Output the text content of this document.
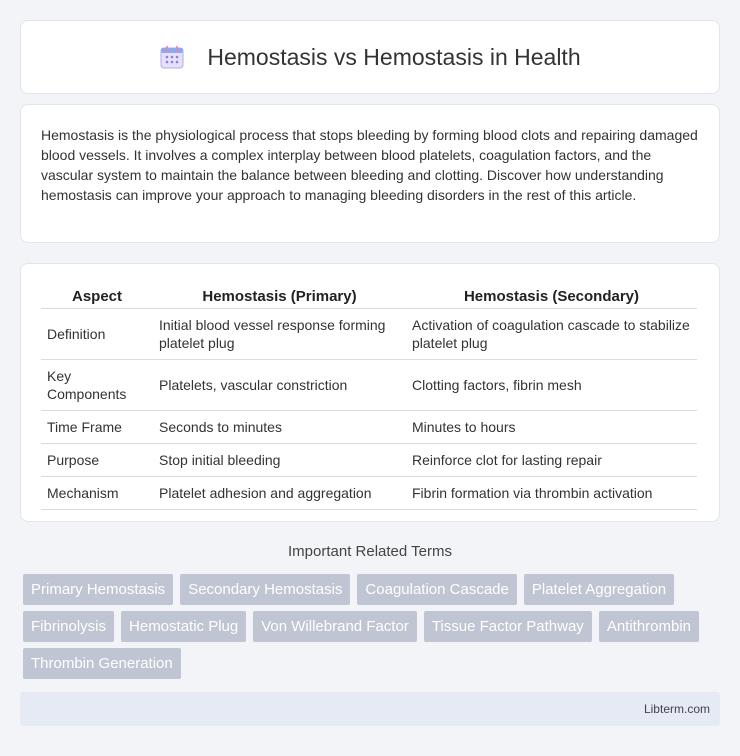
Hemostasis vs Hemostasis in Health

Hemostasis is the physiological process that stops bleeding by forming blood clots and repairing damaged blood vessels. It involves a complex interplay between blood platelets, coagulation factors, and the vascular system to maintain the balance between bleeding and clotting. Discover how understanding hemostasis can improve your approach to managing bleeding disorders in the rest of this article.

Aspect	Hemostasis (Primary)	Hemostasis (Secondary)
Definition	Initial blood vessel response forming platelet plug	Activation of coagulation cascade to stabilize platelet plug
Key Components	Platelets, vascular constriction	Clotting factors, fibrin mesh
Time Frame	Seconds to minutes	Minutes to hours
Purpose	Stop initial bleeding	Reinforce clot for lasting repair
Mechanism	Platelet adhesion and aggregation	Fibrin formation via thrombin activation
Important Related Terms
Primary Hemostasis	Secondary Hemostasis	Coagulation Cascade	Platelet Aggregation
Fibrinolysis	Hemostatic Plug	Von Willebrand Factor	Tissue Factor Pathway	Antithrombin
Thrombin Generation
Libterm.com
